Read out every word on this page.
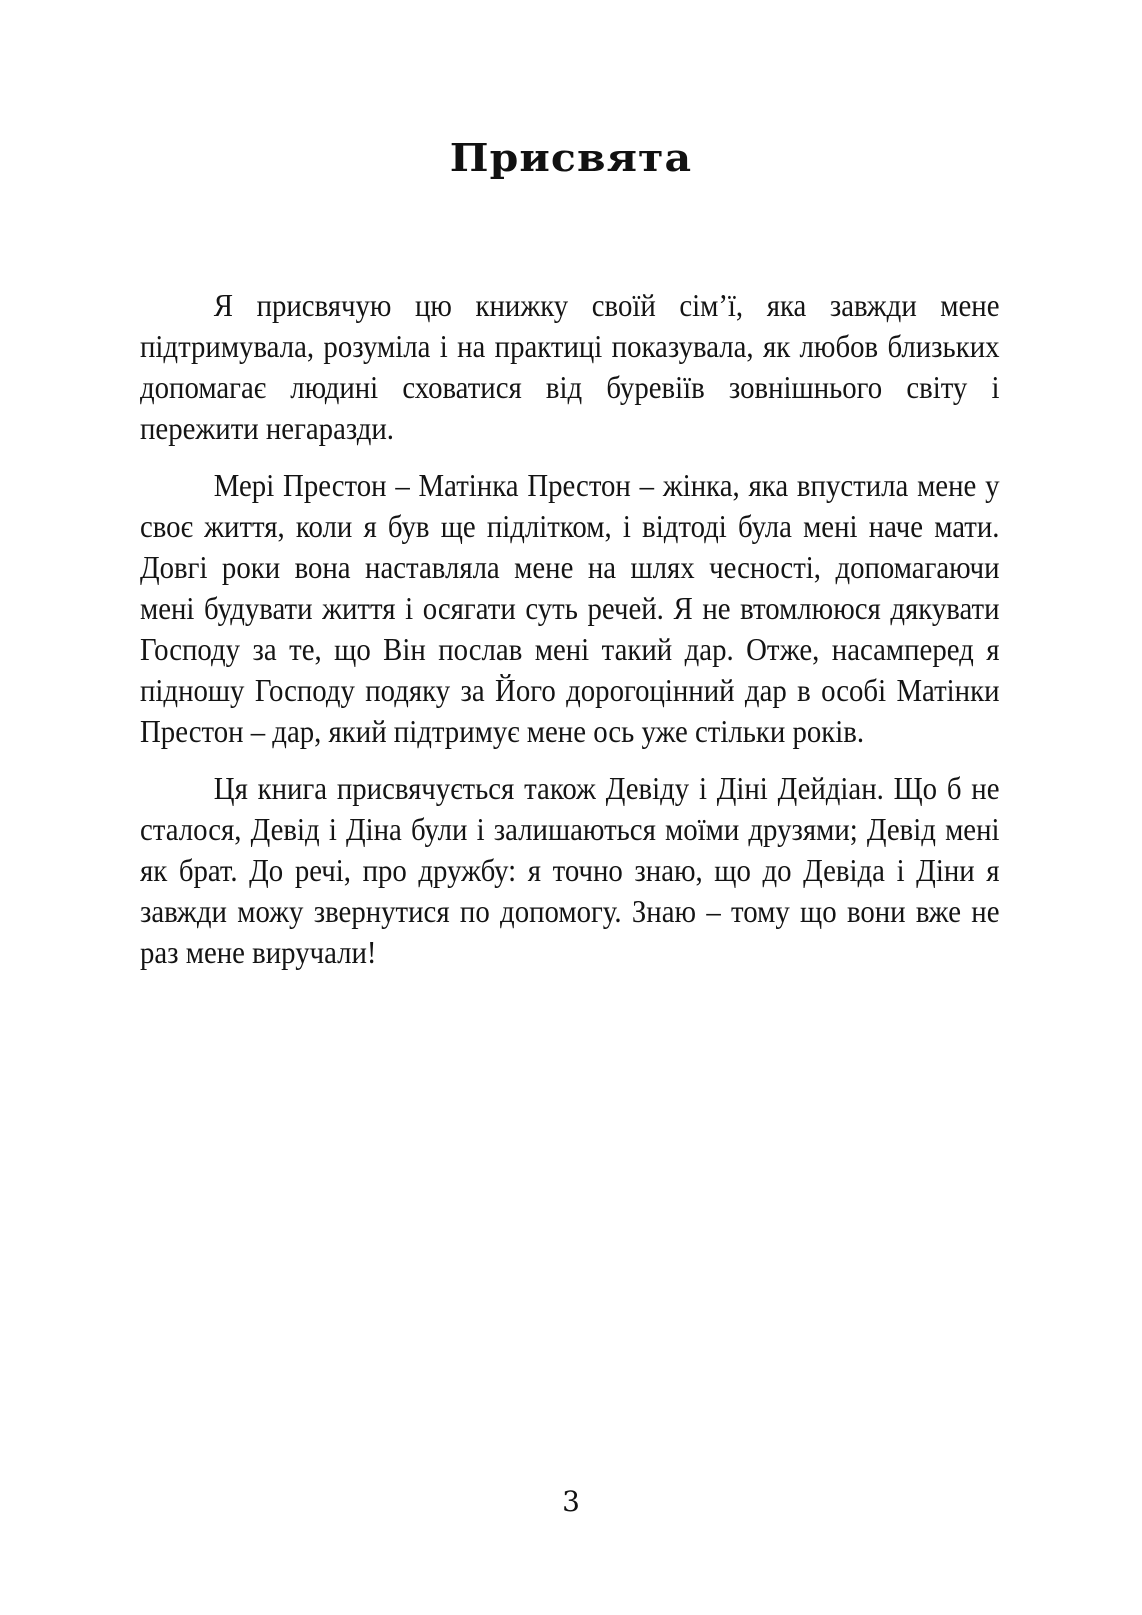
Присвята

Я присвячую цю книжку своїй сім’ї, яка завжди мене підтримувала, розуміла і на практиці показувала, як любов близьких допомагає людині сховатися від буревіїв зовнішнього світу і пережити негаразди.

Мері Престон – Матінка Престон – жінка, яка впустила мене у своє життя, коли я був ще підлітком, і відтоді була мені наче мати. Довгі роки вона наставляла мене на шлях чесності, допомагаючи мені будувати життя і осягати суть речей. Я не втомлююся дякувати Господу за те, що Він послав мені такий дар. Отже, насамперед я підношу Господу подяку за Його дорогоцінний дар в особі Матінки Престон – дар, який підтримує мене ось уже стільки років.

Ця книга присвячується також Девіду і Діні Дейдіан. Що б не сталося, Девід і Діна були і залишаються моїми друзями; Девід мені як брат. До речі, про дружбу: я точно знаю, що до Девіда і Діни я завжди можу звернутися по допомогу. Знаю – тому що вони вже не раз мене виручали!

3
